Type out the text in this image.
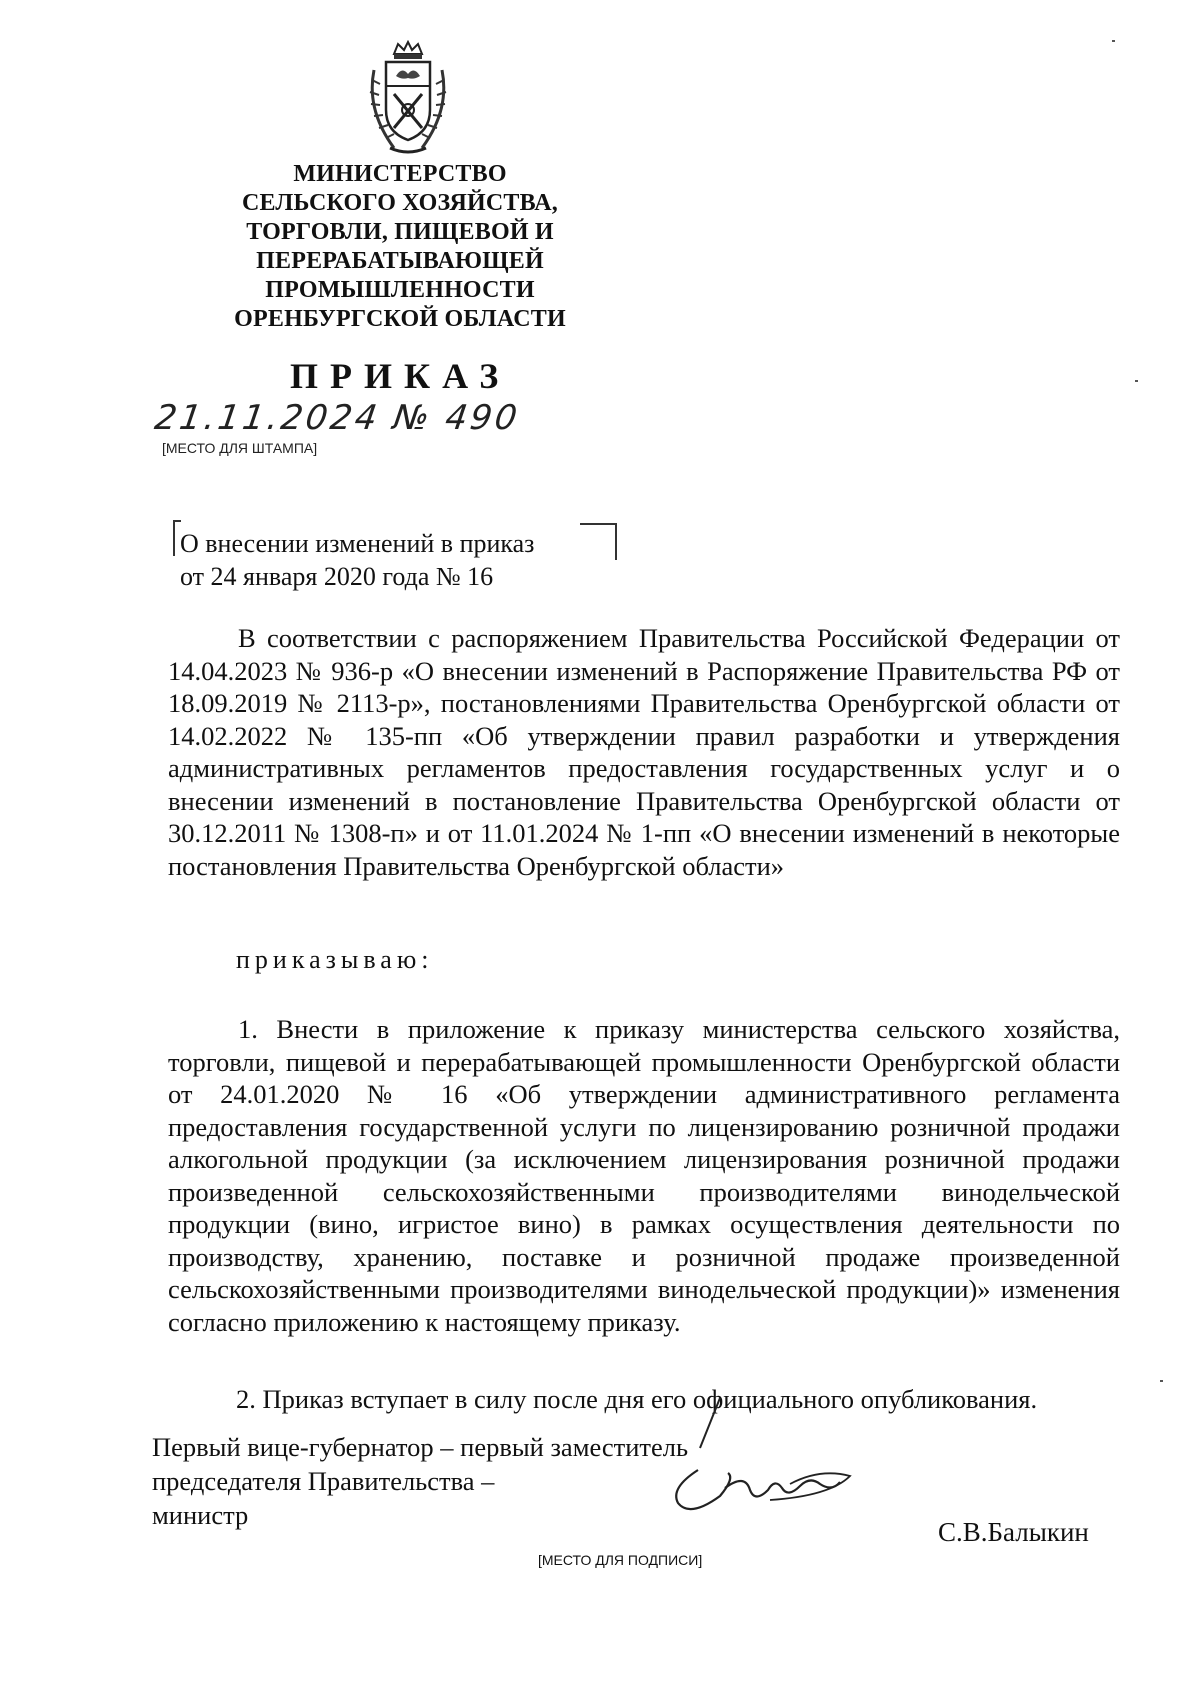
МИНИСТЕРСТВО
СЕЛЬСКОГО ХОЗЯЙСТВА,
ТОРГОВЛИ, ПИЩЕВОЙ И
ПЕРЕРАБАТЫВАЮЩЕЙ
ПРОМЫШЛЕННОСТИ
ОРЕНБУРГСКОЙ ОБЛАСТИ
ПРИКАЗ
21.11.2024 № 490
[МЕСТО ДЛЯ ШТАМПА]
О внесении изменений в приказ
от 24 января 2020 года № 16
В соответствии с распоряжением Правительства Российской Федерации от 14.04.2023 № 936-р «О внесении изменений в Распоряжение Правительства РФ от 18.09.2019 № 2113-р», постановлениями Правительства Оренбургской области от 14.02.2022 № 135-пп «Об утверждении правил разработки и утверждения административных регламентов предоставления государственных услуг и о внесении изменений в постановление Правительства Оренбургской области от 30.12.2011 № 1308-п» и от 11.01.2024 № 1-пп «О внесении изменений в некоторые постановления Правительства Оренбургской области»
приказываю:
1. Внести в приложение к приказу министерства сельского хозяйства, торговли, пищевой и перерабатывающей промышленности Оренбургской области от 24.01.2020 № 16 «Об утверждении административного регламента предоставления государственной услуги по лицензированию розничной продажи алкогольной продукции (за исключением лицензирования розничной продажи произведенной сельскохозяйственными производителями винодельческой продукции (вино, игристое вино) в рамках осуществления деятельности по производству, хранению, поставке и розничной продаже произведенной сельскохозяйственными производителями винодельческой продукции)» изменения согласно приложению к настоящему приказу.
2. Приказ вступает в силу после дня его официального опубликования.
Первый вице-губернатор – первый заместитель
председателя Правительства –
министр
С.В.Балыкин
[МЕСТО ДЛЯ ПОДПИСИ]
